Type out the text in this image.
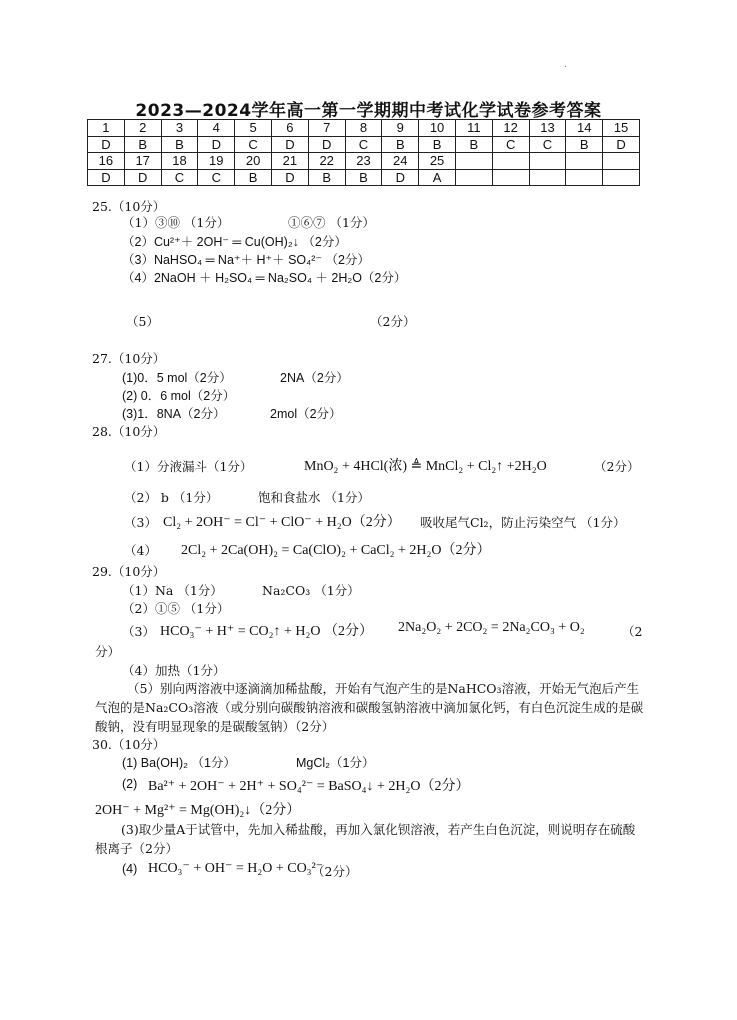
2023—2024学年高一第一学期期中考试化学试卷参考答案
1	2	3	4	5	6	7	8	9	10	11	12	13	14	15
D	B	B	D	C	D	D	C	B	B	B	C	C	B	D
16	17	18	19	20	21	22	23	24	25					
D	D	C	C	B	D	B	B	D	A					
25.（10分）
（1）③⑩ （1分）	①⑥⑦ （1分）
（2）Cu²⁺＋ 2OH⁻ ═ Cu(OH)₂↓ （2分）
（3）NaHSO₄ ═ Na⁺＋ H⁺＋ SO₄²⁻ （2分）
（4）2NaOH ＋ H₂SO₄ ═ Na₂SO₄ ＋ 2H₂O（2分）
（5）	（2分）
27.（10分）
(1)0．5 mol（2分）	2NA（2分）
(2) 0．6 mol（2分）
(3)1．8NA（2分）	2mol（2分）
28.（10分）
（1）分液漏斗（1分）	MnO₂ + 4HCl(浓) ≜ MnCl₂ + Cl₂↑ +2H₂O	（2分）
（2） b （1分）	饱和食盐水 （1分）
（3） Cl₂ + 2OH⁻ = Cl⁻ + ClO⁻ + H₂O（2分） 吸收尾气Cl₂，防止污染空气 （1分）
（4） 2Cl₂ + 2Ca(OH)₂ = Ca(ClO)₂ + CaCl₂ + 2H₂O（2分）
29.（10分）
（1）Na （1分）	Na₂CO₃ （1分）
（2）①⑤ （1分）
（3） HCO₃⁻ + H⁺ = CO₂↑ + H₂O （2分） 2Na₂O₂ + 2CO₂ = 2Na₂CO₃ + O₂	（2
分）
（4）加热（1分）
（5）别向两溶液中逐滴滴加稀盐酸，开始有气泡产生的是NaHCO₃溶液，开始无气泡后产生气泡的是Na₂CO₃溶液（或分别向碳酸钠溶液和碳酸氢钠溶液中滴加氯化钙，有白色沉淀生成的是碳酸钠，没有明显现象的是碳酸氢钠）（2分）
30.（10分）
(1) Ba(OH)₂ （1分）	MgCl₂（1分）
(2) Ba²⁺ + 2OH⁻ + 2H⁺ + SO₄²⁻ = BaSO₄↓ + 2H₂O（2分）
2OH⁻ + Mg²⁺ = Mg(OH)₂↓（2分）
(3)取少量A于试管中，先加入稀盐酸，再加入氯化钡溶液，若产生白色沉淀，则说明存在硫酸根离子（2分）
(4) HCO₃⁻ + OH⁻ = H₂O + CO₃²⁻
（2分）
